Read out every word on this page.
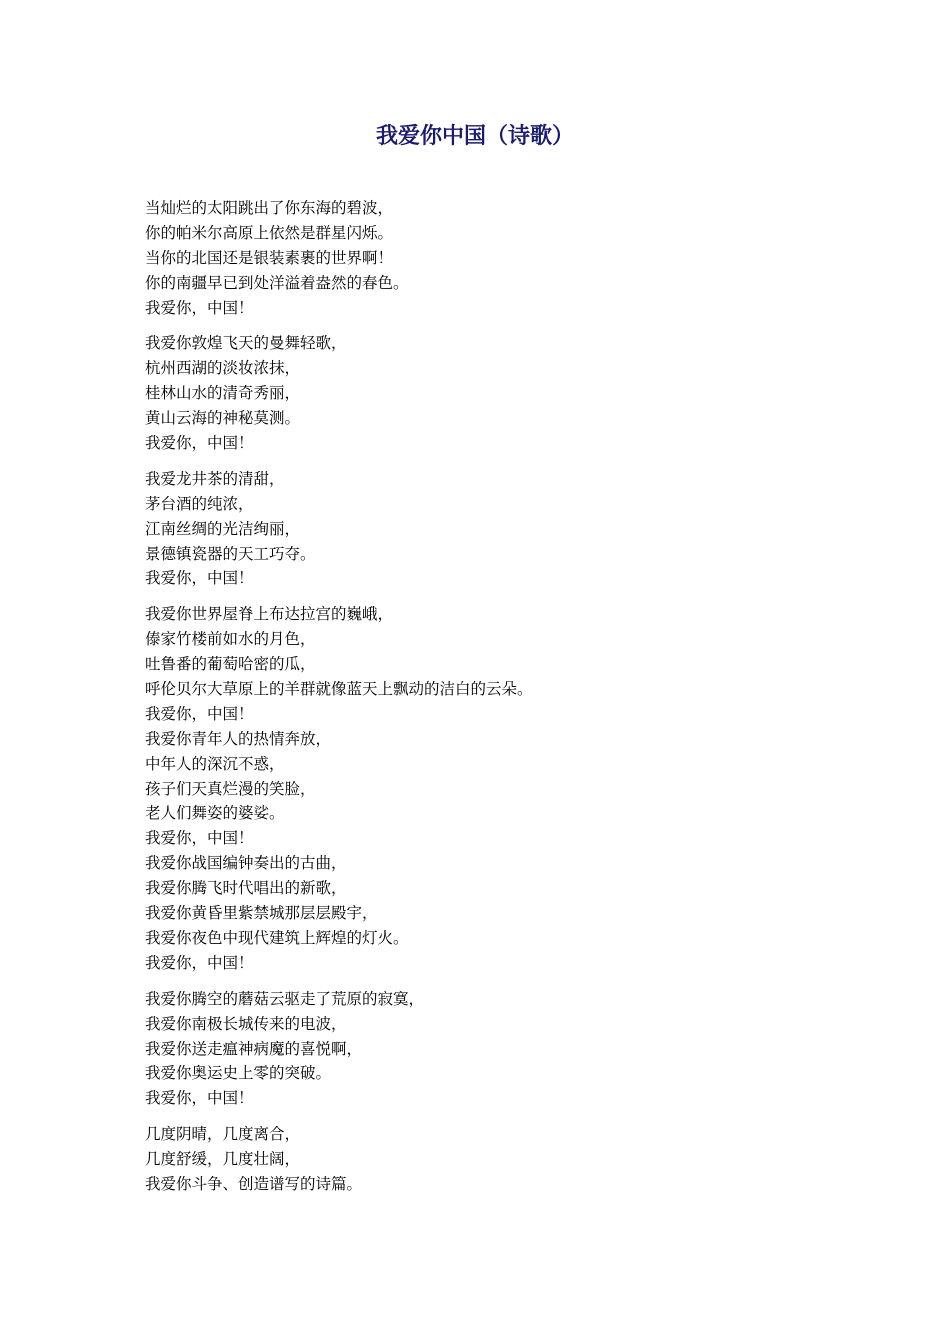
我爱你中国（诗歌）
当灿烂的太阳跳出了你东海的碧波，
你的帕米尔高原上依然是群星闪烁。
当你的北国还是银装素裹的世界啊！
你的南疆早已到处洋溢着盎然的春色。
我爱你，中国！
我爱你敦煌飞天的曼舞轻歌，
杭州西湖的淡妆浓抹，
桂林山水的清奇秀丽，
黄山云海的神秘莫测。
我爱你，中国！
我爱龙井茶的清甜，
茅台酒的纯浓，
江南丝绸的光洁绚丽，
景德镇瓷器的天工巧夺。
我爱你，中国！
我爱你世界屋脊上布达拉宫的巍峨，
傣家竹楼前如水的月色，
吐鲁番的葡萄哈密的瓜，
呼伦贝尔大草原上的羊群就像蓝天上飘动的洁白的云朵。
我爱你，中国！
我爱你青年人的热情奔放，
中年人的深沉不惑，
孩子们天真烂漫的笑脸，
老人们舞姿的婆娑。
我爱你，中国！
我爱你战国编钟奏出的古曲，
我爱你腾飞时代唱出的新歌，
我爱你黄昏里紫禁城那层层殿宇，
我爱你夜色中现代建筑上辉煌的灯火。
我爱你，中国！
我爱你腾空的蘑菇云驱走了荒原的寂寞，
我爱你南极长城传来的电波，
我爱你送走瘟神病魔的喜悦啊，
我爱你奥运史上零的突破。
我爱你，中国！
几度阴晴，几度离合，
几度舒缓，几度壮阔，
我爱你斗争、创造谱写的诗篇。
